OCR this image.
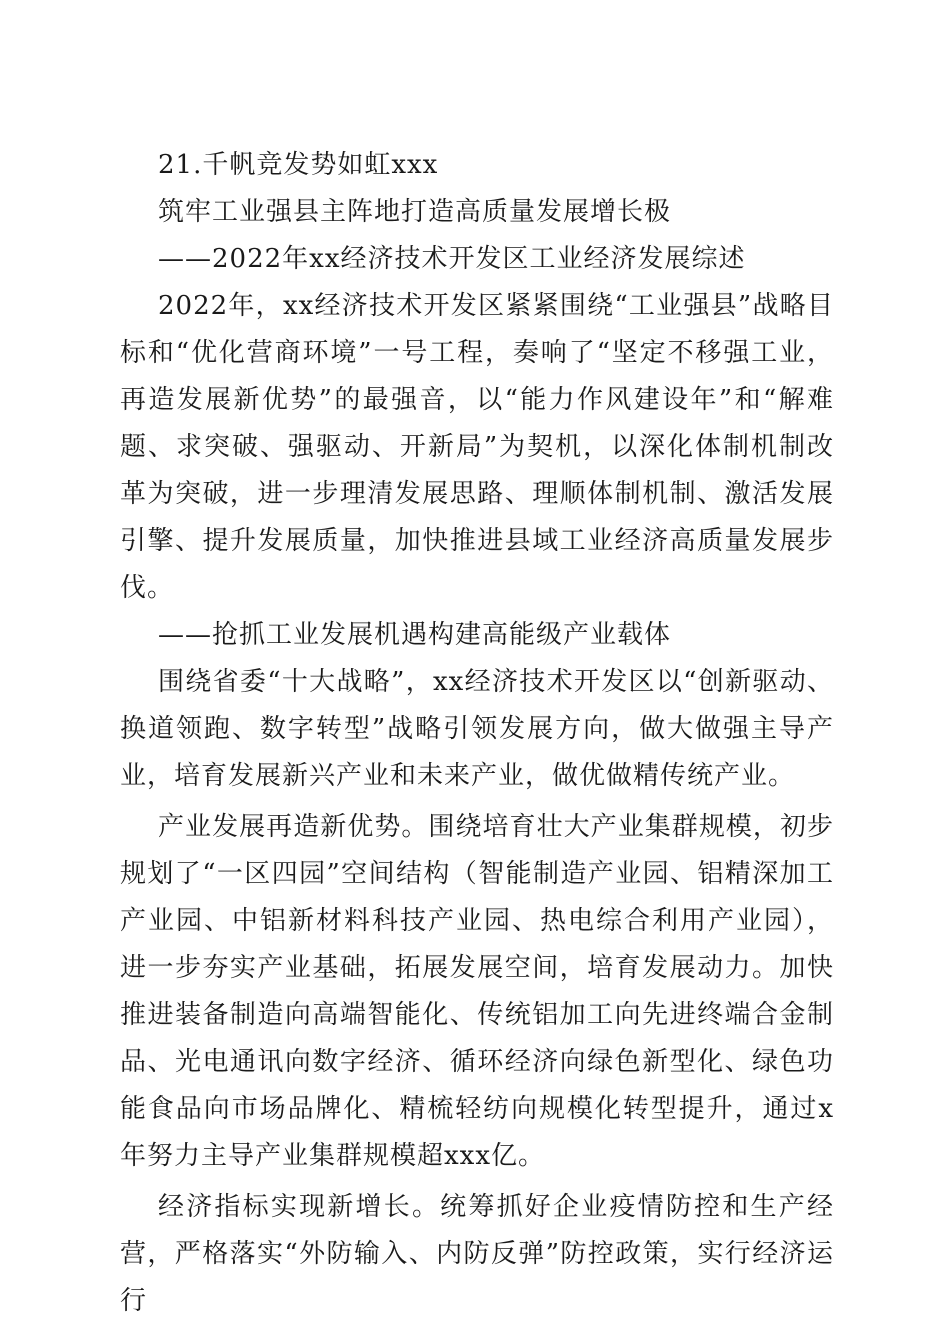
21.千帆竞发势如虹xxx

筑牢工业强县主阵地打造高质量发展增长极

——2022年xx经济技术开发区工业经济发展综述

2022年，xx经济技术开发区紧紧围绕“工业强县”战略目标和“优化营商环境”一号工程，奏响了“坚定不移强工业，再造发展新优势”的最强音，以“能力作风建设年”和“解难题、求突破、强驱动、开新局”为契机，以深化体制机制改革为突破，进一步理清发展思路、理顺体制机制、激活发展引擎、提升发展质量，加快推进县域工业经济高质量发展步伐。

——抢抓工业发展机遇构建高能级产业载体

围绕省委“十大战略”，xx经济技术开发区以“创新驱动、换道领跑、数字转型”战略引领发展方向，做大做强主导产业，培育发展新兴产业和未来产业，做优做精传统产业。

产业发展再造新优势。围绕培育壮大产业集群规模，初步规划了“一区四园”空间结构（智能制造产业园、铝精深加工产业园、中铝新材料科技产业园、热电综合利用产业园），进一步夯实产业基础，拓展发展空间，培育发展动力。加快推进装备制造向高端智能化、传统铝加工向先进终端合金制品、光电通讯向数字经济、循环经济向绿色新型化、绿色功能食品向市场品牌化、精梳轻纺向规模化转型提升，通过x年努力主导产业集群规模超xxx亿。

经济指标实现新增长。统筹抓好企业疫情防控和生产经营，严格落实“外防输入、内防反弹”防控政策，实行经济运行
